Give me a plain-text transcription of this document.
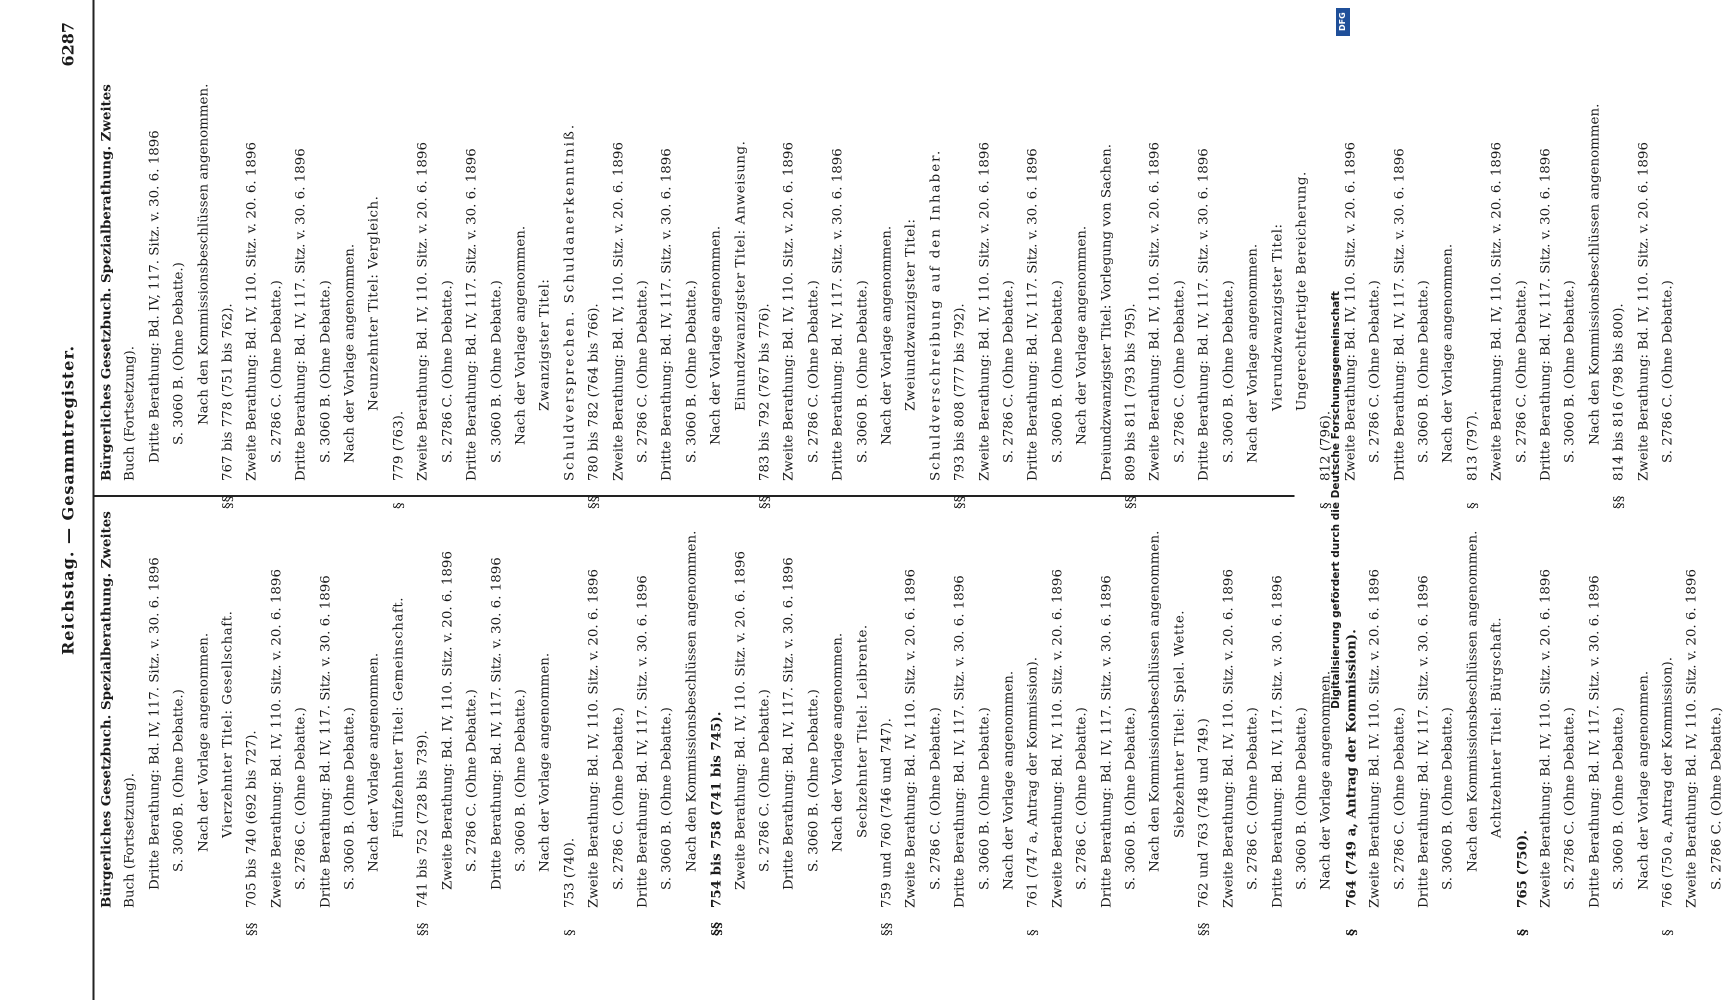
Reichstag. — Gesammtregister.
6287
Bürgerliches Gesetzbuch. Spezialberathung. Zweites Buch (Fortsetzung). Dritte Berathung: Bd. IV, 117. Sitz. v. 30. 6. 1896 S. 3060 B. (Ohne Debatte.) Nach der Vorlage angenommen. Vierzehnter Titel: Gesellschaft.
§§
705 bis 740 (692 bis 727). Zweite Berathung: Bd. IV, 110. Sitz. v. 20. 6. 1896 S. 2786 C. (Ohne Debatte.) Dritte Berathung: Bd. IV, 117. Sitz. v. 30. 6. 1896 S. 3060 B. (Ohne Debatte.) Nach der Vorlage angenommen. Fünfzehnter Titel: Gemeinschaft.
§§
741 bis 752 (728 bis 739). Zweite Berathung: Bd. IV, 110. Sitz. v. 20. 6. 1896 S. 2786 C. (Ohne Debatte.) Dritte Berathung: Bd. IV, 117. Sitz. v. 30. 6. 1896 S. 3060 B. (Ohne Debatte.) Nach der Vorlage angenommen.
§
753 (740). Zweite Berathung: Bd. IV, 110. Sitz. v. 20. 6. 1896 S. 2786 C. (Ohne Debatte.) Dritte Berathung: Bd. IV, 117. Sitz. v. 30. 6. 1896 S. 3060 B. (Ohne Debatte.) Nach den Kommissionsbeschlüssen angenommen.
§§
754 bis 758 (741 bis 745). Zweite Berathung: Bd. IV, 110. Sitz. v. 20. 6. 1896 S. 2786 C. (Ohne Debatte.) Dritte Berathung: Bd. IV, 117. Sitz. v. 30. 6. 1896 S. 3060 B. (Ohne Debatte.) Nach der Vorlage angenommen. Sechzehnter Titel: Leibrente.
§§
759 und 760 (746 und 747). Zweite Berathung: Bd. IV, 110. Sitz. v. 20. 6. 1896 S. 2786 C. (Ohne Debatte.) Dritte Berathung: Bd. IV, 117. Sitz. v. 30. 6. 1896 S. 3060 B. (Ohne Debatte.) Nach der Vorlage angenommen.
§
761 (747 a, Antrag der Kommission). Zweite Berathung: Bd. IV, 110. Sitz. v. 20. 6. 1896 S. 2786 C. (Ohne Debatte.) Dritte Berathung: Bd. IV, 117. Sitz. v. 30. 6. 1896 S. 3060 B. (Ohne Debatte.) Nach den Kommissionsbeschlüssen angenommen. Siebzehnter Titel: Spiel. Wette.
§§
762 und 763 (748 und 749.) Zweite Berathung: Bd. IV, 110. Sitz. v. 20. 6. 1896 S. 2786 C. (Ohne Debatte.) Dritte Berathung: Bd. IV, 117. Sitz. v. 30. 6. 1896 S. 3060 B. (Ohne Debatte.) Nach der Vorlage angenommen.
§
764 (749 a, Antrag der Kommission). Zweite Berathung: Bd. IV. 110. Sitz. v. 20. 6. 1896 S. 2786 C. (Ohne Debatte.) Dritte Berathung: Bd. IV, 117. Sitz. v. 30. 6. 1896 S. 3060 B. (Ohne Debatte.) Nach den Kommissionsbeschlüssen angenommen. Achtzehnter Titel: Bürgschaft.
§
765 (750). Zweite Berathung: Bd. IV, 110. Sitz. v. 20. 6. 1896 S. 2786 C. (Ohne Debatte.) Dritte Berathung: Bd. IV, 117. Sitz. v. 30. 6. 1896 S. 3060 B. (Ohne Debatte.) Nach der Vorlage angenommen.
§
766 (750 a, Antrag der Kommission). Zweite Berathung: Bd. IV, 110. Sitz. v. 20. 6. 1896 S. 2786 C. (Ohne Debatte.)
Bürgerliches Gesetzbuch. Spezialberathung. Zweites Buch (Fortsetzung). Dritte Berathung: Bd. IV, 117. Sitz. v. 30. 6. 1896 S. 3060 B. (Ohne Debatte.) Nach den Kommissionsbeschlüssen angenommen.
§§
767 bis 778 (751 bis 762). Zweite Berathung: Bd. IV, 110. Sitz. v. 20. 6. 1896 S. 2786 C. (Ohne Debatte.) Dritte Berathung: Bd. IV, 117. Sitz. v. 30. 6. 1896 S. 3060 B. (Ohne Debatte.) Nach der Vorlage angenommen. Neunzehnter Titel: Vergleich.
§
779 (763). Zweite Berathung: Bd. IV, 110. Sitz. v. 20. 6. 1896 S. 2786 C. (Ohne Debatte.) Dritte Berathung: Bd. IV, 117. Sitz. v. 30. 6. 1896 S. 3060 B. (Ohne Debatte.) Nach der Vorlage angenommen. Zwanzigster Titel: Schuldversprechen. Schuldanerkenntniß.
§§
780 bis 782 (764 bis 766). Zweite Berathung: Bd. IV, 110. Sitz. v. 20. 6. 1896 S. 2786 C. (Ohne Debatte.) Dritte Berathung: Bd. IV, 117. Sitz. v. 30. 6. 1896 S. 3060 B. (Ohne Debatte.) Nach der Vorlage angenommen. Einundzwanzigster Titel: Anweisung.
§§
783 bis 792 (767 bis 776). Zweite Berathung: Bd. IV, 110. Sitz. v. 20. 6. 1896 S. 2786 C. (Ohne Debatte.) Dritte Berathung: Bd. IV, 117. Sitz. v. 30. 6. 1896 S. 3060 B. (Ohne Debatte.) Nach der Vorlage angenommen. Zweiundzwanzigster Titel: Schuldverschreibung auf den Inhaber.
§§
793 bis 808 (777 bis 792). Zweite Berathung: Bd. IV, 110. Sitz. v. 20. 6. 1896 S. 2786 C. (Ohne Debatte.) Dritte Berathung: Bd. IV, 117. Sitz. v. 30. 6. 1896 S. 3060 B. (Ohne Debatte.) Nach der Vorlage angenommen. Dreiundzwanzigster Titel: Vorlegung von Sachen.
§§
809 bis 811 (793 bis 795). Zweite Berathung: Bd. IV, 110. Sitz. v. 20. 6. 1896 S. 2786 C. (Ohne Debatte.) Dritte Berathung: Bd. IV, 117. Sitz. v. 30. 6. 1896 S. 3060 B. (Ohne Debatte.) Nach der Vorlage angenommen. Vierundzwanzigster Titel: Ungerechtfertigte Bereicherung.
§
812 (796). Zweite Berathung: Bd. IV, 110. Sitz. v. 20. 6. 1896 S. 2786 C. (Ohne Debatte.) Dritte Berathung: Bd. IV, 117. Sitz. v. 30. 6. 1896 S. 3060 B. (Ohne Debatte.) Nach der Vorlage angenommen.
§
813 (797). Zweite Berathung: Bd. IV, 110. Sitz. v. 20. 6. 1896 S. 2786 C. (Ohne Debatte.) Dritte Berathung: Bd. IV, 117. Sitz. v. 30. 6. 1896 S. 3060 B. (Ohne Debatte.) Nach den Kommissionsbeschlüssen angenommen.
§§
814 bis 816 (798 bis 800). Zweite Berathung: Bd. IV, 110. Sitz. v. 20. 6. 1896 S. 2786 C. (Ohne Debatte.)
Digitalisierung gefördert durch die Deutsche Forschungsgemeinschaft
DFG
